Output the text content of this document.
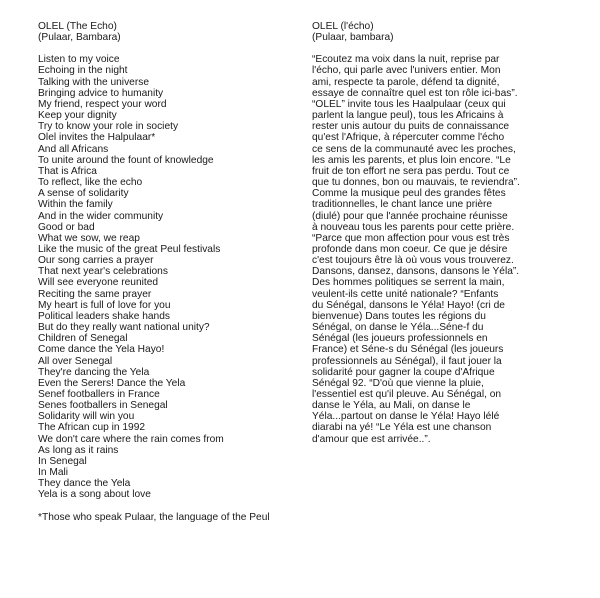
OLEL (The Echo)
(Pulaar, Bambara)
Listen to my voice
Echoing in the night
Talking with the universe
Bringing advice to humanity
My friend, respect your word
Keep your dignity
Try to know your role in society
Olel invites the Halpulaar*
And all Africans
To unite around the fount of knowledge
That is Africa
To reflect, like the echo
A sense of solidarity
Within the family
And in the wider community
Good or bad
What we sow, we reap
Like the music of the great Peul festivals
Our song carries a prayer
That next year's celebrations
Will see everyone reunited
Reciting the same prayer
My heart is full of love for you
Political leaders shake hands
But do they really want national unity?
Children of Senegal
Come dance the Yela Hayo!
All over Senegal
They're dancing the Yela
Even the Serers! Dance the Yela
Senef footballers in France
Senes footballers in Senegal
Solidarity will win you
The African cup in 1992
We don't care where the rain comes from
As long as it rains
In Senegal
In Mali
They dance the Yela
Yela is a song about love
*Those who speak Pulaar, the language of the Peul
OLEL (l'écho)
(Pulaar, bambara)
“Ecoutez ma voix dans la nuit, reprise par
l'écho, qui parle avec l'univers entier. Mon
ami, respecte ta parole, défend ta dignité,
essaye de connaître quel est ton rôle ici-bas”.
“OLEL” invite tous les Haalpulaar (ceux qui
parlent la langue peul), tous les Africains à
rester unis autour du puits de connaissance
qu'est l'Afrique, à répercuter comme l'écho
ce sens de la communauté avec les proches,
les amis les parents, et plus loin encore. “Le
fruit de ton effort ne sera pas perdu. Tout ce
que tu donnes, bon ou mauvais, te reviendra”.
Comme la musique peul des grandes fêtes
traditionnelles, le chant lance une prière
(diulé) pour que l'année prochaine réunisse
à nouveau tous les parents pour cette prière.
“Parce que mon affection pour vous est très
profonde dans mon coeur. Ce que je désire
c'est toujours être là où vous vous trouverez.
Dansons, dansez, dansons, dansons le Yéla”.
Des hommes politiques se serrent la main,
veulent-ils cette unité nationale? “Enfants
du Sénégal, dansons le Yéla! Hayo! (cri de
bienvenue) Dans toutes les régions du
Sénégal, on danse le Yéla...Séne-f du
Sénégal (les joueurs professionnels en
France) et Séne-s du Sénégal (les joueurs
professionnels au Sénégal), il faut jouer la
solidarité pour gagner la coupe d'Afrique
Sénégal 92. “D'où que vienne la pluie,
l'essentiel est qu'il pleuve. Au Sénégal, on
danse le Yéla, au Mali, on danse le
Yéla...partout on danse le Yéla! Hayo lélé
diarabi na yé! “Le Yéla est une chanson
d'amour que est arrivée..”.
